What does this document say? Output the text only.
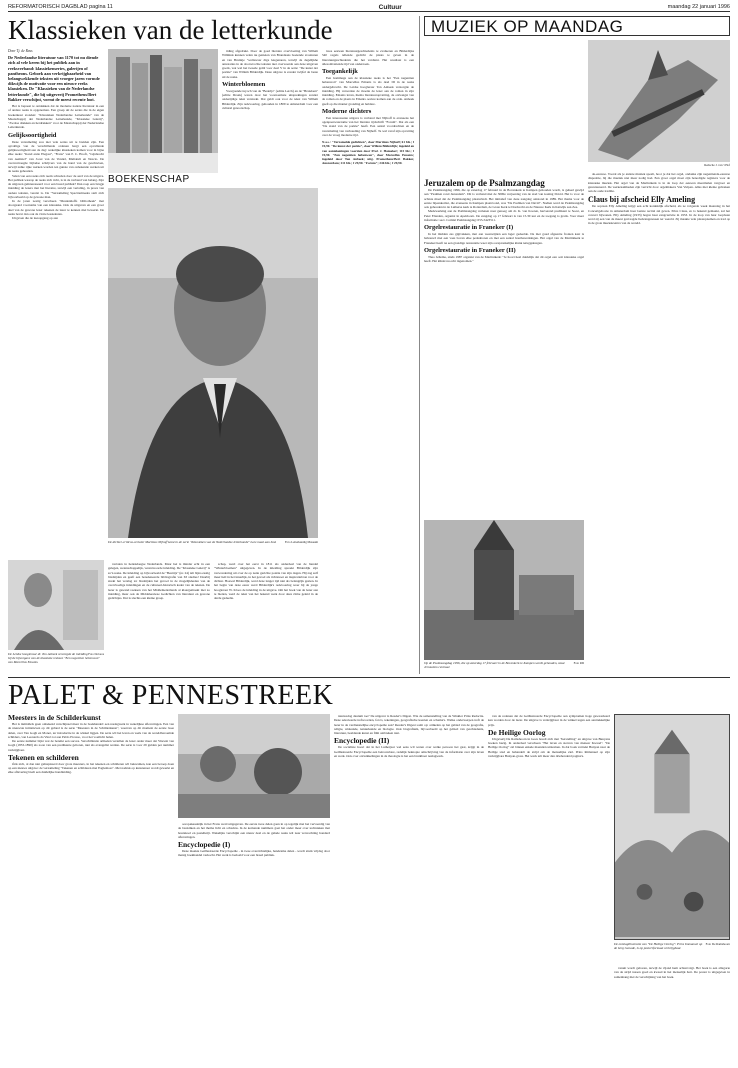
REFORMATORISCH DAGBLAD pagina 11	Cultuur	maandag 22 januari 1996
Klassieken van de letterkunde
Door Tj. de Reus
De Nederlandse literatuur van 1170 tot nu diende zich al vele keren bij het publiek aan in reeksverband: klassiekenseries, galerijen of pantheons. Geboek aan verkrijgbaarheid van belangwekkende teksten uit vroeger jaren vormde dikwijls de motivatie voor een nieuwe reeks klassieken. De "Klassieken van de Nederlandse letterkunde", die bij uitgeverij Prometheus/Bert Bakker verschijnt, vormt de meest recente loot.

Het is bepaast te ontdekken dat de moderne nadere literatuur in een of andere reeks is opgenomen. Een groep uit de series die in de eigen boekenkast stonden: "Klassieken Nederlandse Letterkunde" van de Maatschappij der Nederlandse Letterkunde, "Klassieke Galerij", "Zwolse drukken en herdrukken" voor de Maatschappij der Nederlandse Letterkunde.

Gelijksoortigheid

Deze verzameling zou niet vele series uit te breiden zijn. Een opvallige van de verschillende ordenen bergt een opvallende gelijksoortigheid aan de dag: wekelijke klassieken komen voor in bijna elke reeks: "Karel ende Elegast", "Frans" van P. C. Hooft, "Gijsbrecht van Aemstel" van Joost van de Vondel, Multatuli en Nescio. De oververtraagde bijbelse schrijvers van de hand van de geschreven, terwijl zulke rijke werken worden ten gunste van onbekende werken uit de reeks gehouden.

Velen van een reeks zich reeds schreden door de aard van de uitgave. Het publiek waarop de reeks zich richt, is in de verband van belang. Zijn de uitgaven geïnteresseerd voor een breed publiek? Dan roep een brugje inleiding de lezers met het literaire, terwijl een vertaling, in proza van oudere teksten, vereist is. De "Verzameling Spectrumreeks stelt zich bijvoorbeeld op de gewone man.

In de jaren zestig verscheen "Meulenhoffs bibliotheek" met doorgaand voorname van een klassieke. Ook de uitgaven en een groot deel van de gewone lezer rekenen de lezer te kennen met bewerkt. De reeks bevat dan ook de vlotte leesteksten.

Uitgaven die de leesopgang op aan

Foto Dolores
De Leidse hoogleraar dr. Ton Anbeek verzorgde de inleiding bij de bijvorgave van de klassieke reeksen "Een negentien hebenwon" van Marcellus Emants.
BOEKENSCHAP

tiding afgedrukt. Door de goed literaire overvloeiing van Willem Wilmink kunnen velen nu genieten van Brandaans boeiende avonturen en van Bruintje "weliswaar dige leugenaren, terwijl de degelijkhe annotaties in de doorwrochte teksten niet overwaarde aan deze uitgaven goeds, wat wel het tweede geldt voor deel V in de serie: "De kunst der poëzie" van Willem Bilderdijk. Deze uitgave is zonder twijfel de beste uit de reeks.

Winterbloemen

Voorgaande tuyoch van de "Beatrijs" (editie Lerch) en de "Brandaan" (editie Draak) waren door het voornaamste uitsprekingen zonder ondezijdige tekst verstrekt. Dat geldt ook voor de tekst van Willem Bilderdijk. Zijn redevoering, gehouden in 1809 te Amsterdam voor een culturel genootschap.

twee eeuwen literatuurgeschiedenis te evalueren en Bilderdijks 540 regels tellende gedicht de plaats te geven in de literatuurgeschiedenis die het verdient. Het resultaat is een allesomvattende tijd van onderzoek.

Toegankelijk

Een hommage aan de klassieke reeks is het "Een negentien hebenwon" van Marcellus Emants is als deel III in de reeks ondergebracht. De Leidse hoogleraar Ton Anbeek verzorgde de inleiding. Hij verwerkte de moeite de lezer aan de roman in zijn inleiding. Emants leven, thema literatuuropvatting, de ontvangst van de roman en de plaats in Emants oeuvre komen aan de orde. Anbeek geeft op die manier gronding en heldere.

Moderne dichters

Een interessante uitgave is verband met Nijhoff is eveneens het ogenpaarwaarzame van het literaire tijdschrift "Forum". Dat als een "De stand van de poëzie" heeft. Een aantal voordrachten en de verzameling van verhouding van Nijhoff. Te wel veraf zijn opvatting over de vroeg moderne tijd.

N.a.s.: "Verzamelde gedichten", door Martinus Nijhoff; 61 blz.; f 19,90. "De kunst der poëzie", door Willem Bilderdijk; ingeleid en van aantekeningen voorzien door Prof. J. Hamaker; 115 blz.; f 19,90. "Een negentien hebenwon", door Marcellus Emants; ingeleid door Ton Anbeek; uitg. Prometheus/Bert Bakker, Amsterdam; 211 blz.; f 29,90. "Forum"; 246 blz.; f 29,90.

Foto Letterkundig Museum
De dichter-criticus-vertaler Martinus Nijhoff komt in de serie "Klassieken van de Nederlandse letterkunde" twee maal aan bod.

vertalen in hedendaagse Nederlands. Maar het is minder echt in een gelegen, wetenschappelijk, verantwoorde inleiding. De "Klassieke Galerij" is zo'n reeks. De inleiding op bijvoorbeeld de "Beatrijs" (nr. 24) telt bijna zestig bladzijden en geeft een beredeneerde bibliografie van 63 studies! Daarbij strekt het verslag tot bladzijden het gevoel in de mogelijkheden van de overvloedige inleidingen en de cultureel-historisch kader van de teksten. De lezer is gewend reeksen van het Middelnederlands al klaargemaakt met zo inleiding, maar ook de Middeleeuwse Gedichten van literatuur en gewone gedichtjes. Dat is slechts een kleine groep.

schap, werd over het eerst in 1811 als onderdeel van de bundel "Winterbloemen" uitgegeven. In de inleiding spreekt Bilderdijk zijn verwondering uit over de op natie gerichte poëzie van zijn dagen. Hij zag zelf meer heil in het innerlijk, in het gevoel als richtsnoer en inspiratiebron voor de dichter. Hoewel Bilderdijk, werd deze langer tijd niet als belangrijk gezien. In het begin van deze eeuw werd Bilderdijk's redevoering weer bij de jonge hoogleraar W. Kloos de inleiding in de uitgave. Om het boek van de lezer aan te bieden, werd de tekst van het bekend werk door deze ritme geleid in de derde gedeelte.

MUZIEK OP MAANDAG
Redactie J. van 't Hof
Jeruzalem op de Psalmzangdag

De Psalmzangdag 1996, die op zaterdag 17 februari in de Bovenkerk te Kampen gehouden wordt, is geheel gewijd aan "Psalmen rond Jeruzalem". Dit is verband met de 3000e verjaardag van de stad van koning David. Het is voor de achtste maal dat de Psalmzangdag plaatsvindt. Het initiatief van deze zangdag ontstond in 1989. Het thema voor de eerste bijeenkomst, die eveneens in Kampen plaatsvond, was "De Psalmen van David". Nadien werd de Psalmzangdag ook gehouden in de Lutherse kerk te Rotterdam, de Grote Kerk te Dordrecht en de Nieuwe Kerk in Katwijk aan Zee.

Medewerking aan de Psalmzangdag verlenen naar genoeg om dr. K. van Kooten, herverend predikant te Soest, en Peter Elanden, organist in Apeldoorn. De zangdag op 17 februari is van 15.30 uur en de toegang is gratis. Voor meer informatie: secr. Comité Psalmzangdag: 055-5423511.

Orgelrestauratie in Franeker (I)

In het midden zes gigivakken, met aan weerszijden een lager gedeelde. De met goud afgezette fronten kast is behouwd met een vaas boven elke pedaaltoren en met een aantal houtbewerkingen. Het orgel van de Martinikerk te Franeker heeft na een grondige restauratie weer zijn oorspronkelijke klank teruggekregen.

Orgelrestauratie in Franeker (II)

Theo Jellema, sinds 1987 organist van de Martinikerk: "Je hoort heel duidelijk dat dit orgel een ooit klassieke orgel heeft. Het klinkt nu echt ingenomen."

Foto RD
Op de Psalmzangdag 1996, die op zaterdag 17 februari in de Bovenkerk te Kampen wordt gehouden, staat Jeruzalem centraal.

de-eeuwse. Vooral als je andere muziek speelt, hoor je dat het orgel, ondanks zijn negentiende-eeuwse dispositie, bij die muziek niet meer nodig had. Een groot orgel moet zijn benodigde registers voor de klassieke muziek. Het orgel van de Martinikerk is in de loop der eeuwen meermalen vergroot en gerestaureerd. De werkzaamheden zijn verricht door orgelmakers Van Vulpen. Alles met kleine gebreken aan de oude traditie.

Claus bij afscheid Elly Ameling

De sopraan Elly Ameling krijgt een echt koninklijk afscheid, als ze volgende week maandag in het Concertgebouw in Amsterdam haar laatste recital zal geven. Prins Claus, zo is bekend gemaakt, zal het concert bijwonen. Elly Ameling (1933) begon haar zangcarrière in 1953. In de loop van haar loopbaan werd zij een van de meest gevraagde liedzangeressen ter wereld. Zij maakte vele plaatopnamen en trad op in de grote muziekcentra van de wereld.

PALET & PENNESTREEK
Meesters in de Schilderkunst

Het is inmiddels geen onbekend verschijnsel meer in de boekhandel: een naslagwerk in wekelijkse afleveringen. Een van de nieuwste initiatieven op dit gebied is de serie "Meesters in de Schilderkunst", waarvan op dit moment de eerste twee delen, over Van Gogh en Monet, ter introductie in de winkel liggen. De serie wil het leven en werk van de wereldberoemde schilders, van Leonardo da Vinci tot aan Pablo Picasso, voor het voetlicht halen.

De eerste nummer bijkt wat de bereikt een succes. Verschillende artikelen vertellen de lezer onder meer dat Vincent van Gogh (1853-1890) als zoon van een predikante geboren, niet als evangelist werkte. De serie is voor 29 gulden per nummer verkrijgbaar.

Tekenen en schilderen

Óók zich, al dan niet geïnspireerd door grote meesters, in het tekenen en schilderen wil bekwamen, kan een beroep doen op een nieuwe uitgave: de verzameling "Tekenen en schilderen met Eaglemoss". Met nadruk op kunstenaar wordt gewerkt en elke aflevering biedt een duidelijke handleiding.

ooropakesaktijk in het Frans werd uitgegeven. De eerste twee delen gaan in op tegelijk met het vervaardig van de basistiken en het thema licht en schaduw. In de komende nummers gaat het onder meer over technieken met houtskool en pastelkrijt. Wekelijks verschijnt een nieuw deel en de gehele reeks telt naar verwachting honderd afleveringen.

Encyclopedie (I)

Deze maakte Geillustreerde Encyclopedie - in twee overzichtelijke, handzame delen - wordt sinds vrijdag door menig boekhandel verkocht. Het werk is bedoeld voor een breed publiek.

nieuwsdag dautum toe? De uitgever is Reader's Digest. Wie de samenstelling van de Winkler Prins Redactie. Deze selecteerde trefwoorden, foto's, tekeningen, geografische kaarten en schema's. Welke onderwerpen treft de lezer in de verdienstelijke encyclopedie aan? Reader's Digest somt op: artikelen op het gebied van de geografie, religie, wiskunde, natuurkunde en biologie. Ook biografieën, bijvoorbeeld op het gebied van geschiedenis, literatuur, beeldende kunst en film ontbreken niet.

Encyclopedie (II)

De socialiste hoort dat in het Lutherjaar wel eens wil weten over welke persoon het gaat, krijgt in de Geillustreerde Encyclopedie een betrouwbare, redelijk beknopte omschrijving van de informatie over zijn leven en werk. Ook over ontwikkelingen in de theologie is het een bruikbaar naslagwerk.

van de redenen dat de Geillustreerde Encyclopedie aan symptomen hoge gewaardeerd kan worden door de lezer. De uitgave is verkrijgbaar in de winkel tegen een aantrekkelijke prijs.

De Heilige Oorlog

Uitgeverij De Ramshoorn in Goes houdt zich met "herstelling" en uitgave van Bunyans boeken bezig. In onderdeel verscheen "Het leven en sterven van meneer Kwaad". "De Heilige Oorlog" zal binnen enkele maanden uitkomen. In dat boek vertrekt Bunyan naar de Heilige stad en behandelt de strijd om de menselijke ziel. Prins Immanuel op zijn verkrijgbare Bunyan-grote. Het werk telt meer dan driehonderd pagina's.

Foto De Ramshoorn
De ontslagillustratie van "De Heilige Oorlog": Prins Immanuel op de berg Genade, is op postertformaat verkrijgbaar.

vanuit wordt geboren, terwijl de vijand hem achtervolgt. Het boek is een allegorie van de strijd tussen goed en kwaad in het menselijk hart. De poster is uitgegeven in samenhang met de verschijning van het boek.
